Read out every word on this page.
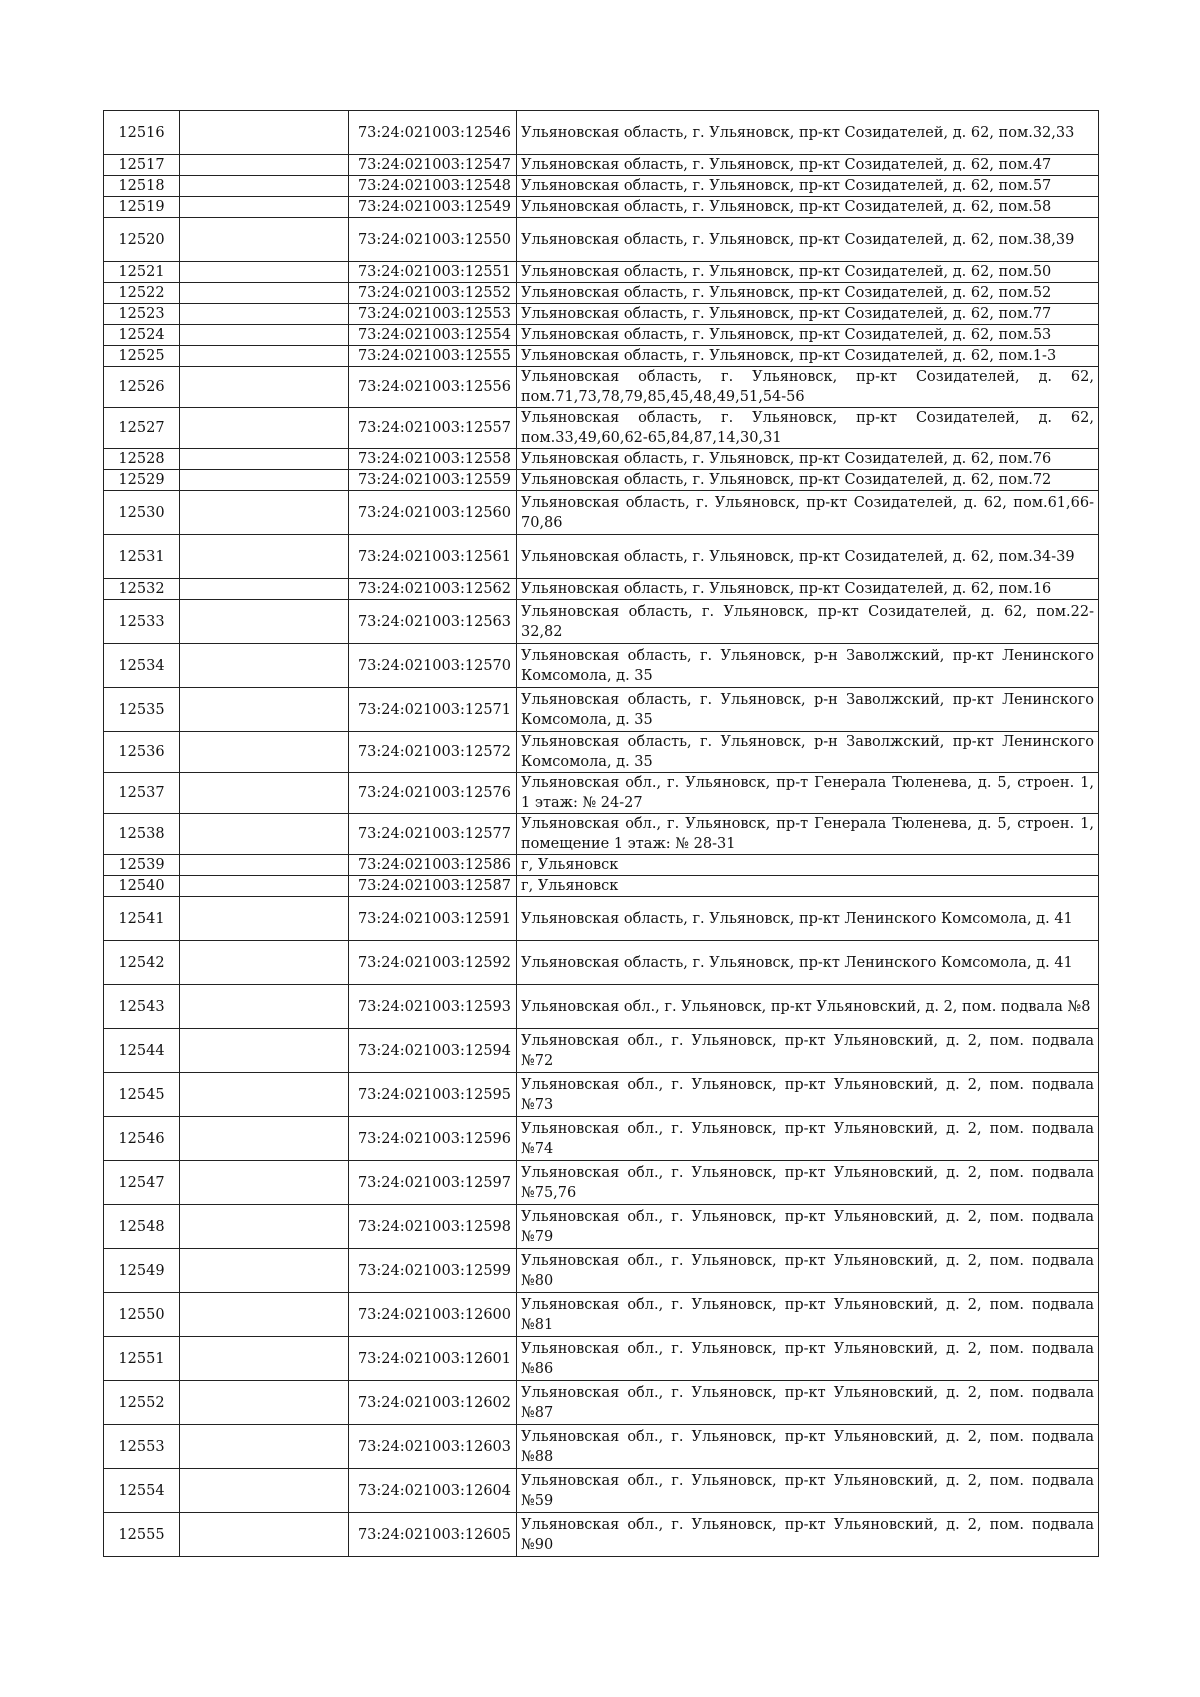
12516		73:24:021003:12546	Ульяновская область, г. Ульяновск, пр-кт Созидателей, д. 62, пом.32,33
12517		73:24:021003:12547	Ульяновская область, г. Ульяновск, пр-кт Созидателей, д. 62, пом.47
12518		73:24:021003:12548	Ульяновская область, г. Ульяновск, пр-кт Созидателей, д. 62, пом.57
12519		73:24:021003:12549	Ульяновская область, г. Ульяновск, пр-кт Созидателей, д. 62, пом.58
12520		73:24:021003:12550	Ульяновская область, г. Ульяновск, пр-кт Созидателей, д. 62, пом.38,39
12521		73:24:021003:12551	Ульяновская область, г. Ульяновск, пр-кт Созидателей, д. 62, пом.50
12522		73:24:021003:12552	Ульяновская область, г. Ульяновск, пр-кт Созидателей, д. 62, пом.52
12523		73:24:021003:12553	Ульяновская область, г. Ульяновск, пр-кт Созидателей, д. 62, пом.77
12524		73:24:021003:12554	Ульяновская область, г. Ульяновск, пр-кт Созидателей, д. 62, пом.53
12525		73:24:021003:12555	Ульяновская область, г. Ульяновск, пр-кт Созидателей, д. 62, пом.1-3
12526		73:24:021003:12556	Ульяновская область, г. Ульяновск, пр-кт Созидателей, д. 62, пом.71,73,78,79,85,45,48,49,51,54-56
12527		73:24:021003:12557	Ульяновская область, г. Ульяновск, пр-кт Созидателей, д. 62, пом.33,49,60,62-65,84,87,14,30,31
12528		73:24:021003:12558	Ульяновская область, г. Ульяновск, пр-кт Созидателей, д. 62, пом.76
12529		73:24:021003:12559	Ульяновская область, г. Ульяновск, пр-кт Созидателей, д. 62, пом.72
12530		73:24:021003:12560	Ульяновская область, г. Ульяновск, пр-кт Созидателей, д. 62, пом.61,66-70,86
12531		73:24:021003:12561	Ульяновская область, г. Ульяновск, пр-кт Созидателей, д. 62, пом.34-39
12532		73:24:021003:12562	Ульяновская область, г. Ульяновск, пр-кт Созидателей, д. 62, пом.16
12533		73:24:021003:12563	Ульяновская область, г. Ульяновск, пр-кт Созидателей, д. 62, пом.22-32,82
12534		73:24:021003:12570	Ульяновская область, г. Ульяновск, р-н Заволжский, пр-кт Ленинского Комсомола, д. 35
12535		73:24:021003:12571	Ульяновская область, г. Ульяновск, р-н Заволжский, пр-кт Ленинского Комсомола, д. 35
12536		73:24:021003:12572	Ульяновская область, г. Ульяновск, р-н Заволжский, пр-кт Ленинского Комсомола, д. 35
12537		73:24:021003:12576	Ульяновская обл., г. Ульяновск, пр-т Генерала Тюленева, д. 5, строен. 1, 1 этаж: № 24-27
12538		73:24:021003:12577	Ульяновская обл., г. Ульяновск, пр-т Генерала Тюленева, д. 5, строен. 1, помещение 1 этаж: № 28-31
12539		73:24:021003:12586	г, Ульяновск
12540		73:24:021003:12587	г, Ульяновск
12541		73:24:021003:12591	Ульяновская область, г. Ульяновск, пр-кт Ленинского Комсомола, д. 41
12542		73:24:021003:12592	Ульяновская область, г. Ульяновск, пр-кт Ленинского Комсомола, д. 41
12543		73:24:021003:12593	Ульяновская обл., г. Ульяновск, пр-кт Ульяновский, д. 2, пом. подвала №8
12544		73:24:021003:12594	Ульяновская обл., г. Ульяновск, пр-кт Ульяновский, д. 2, пом. подвала №72
12545		73:24:021003:12595	Ульяновская обл., г. Ульяновск, пр-кт Ульяновский, д. 2, пом. подвала №73
12546		73:24:021003:12596	Ульяновская обл., г. Ульяновск, пр-кт Ульяновский, д. 2, пом. подвала №74
12547		73:24:021003:12597	Ульяновская обл., г. Ульяновск, пр-кт Ульяновский, д. 2, пом. подвала №75,76
12548		73:24:021003:12598	Ульяновская обл., г. Ульяновск, пр-кт Ульяновский, д. 2, пом. подвала №79
12549		73:24:021003:12599	Ульяновская обл., г. Ульяновск, пр-кт Ульяновский, д. 2, пом. подвала №80
12550		73:24:021003:12600	Ульяновская обл., г. Ульяновск, пр-кт Ульяновский, д. 2, пом. подвала №81
12551		73:24:021003:12601	Ульяновская обл., г. Ульяновск, пр-кт Ульяновский, д. 2, пом. подвала №86
12552		73:24:021003:12602	Ульяновская обл., г. Ульяновск, пр-кт Ульяновский, д. 2, пом. подвала №87
12553		73:24:021003:12603	Ульяновская обл., г. Ульяновск, пр-кт Ульяновский, д. 2, пом. подвала №88
12554		73:24:021003:12604	Ульяновская обл., г. Ульяновск, пр-кт Ульяновский, д. 2, пом. подвала №59
12555		73:24:021003:12605	Ульяновская обл., г. Ульяновск, пр-кт Ульяновский, д. 2, пом. подвала №90
